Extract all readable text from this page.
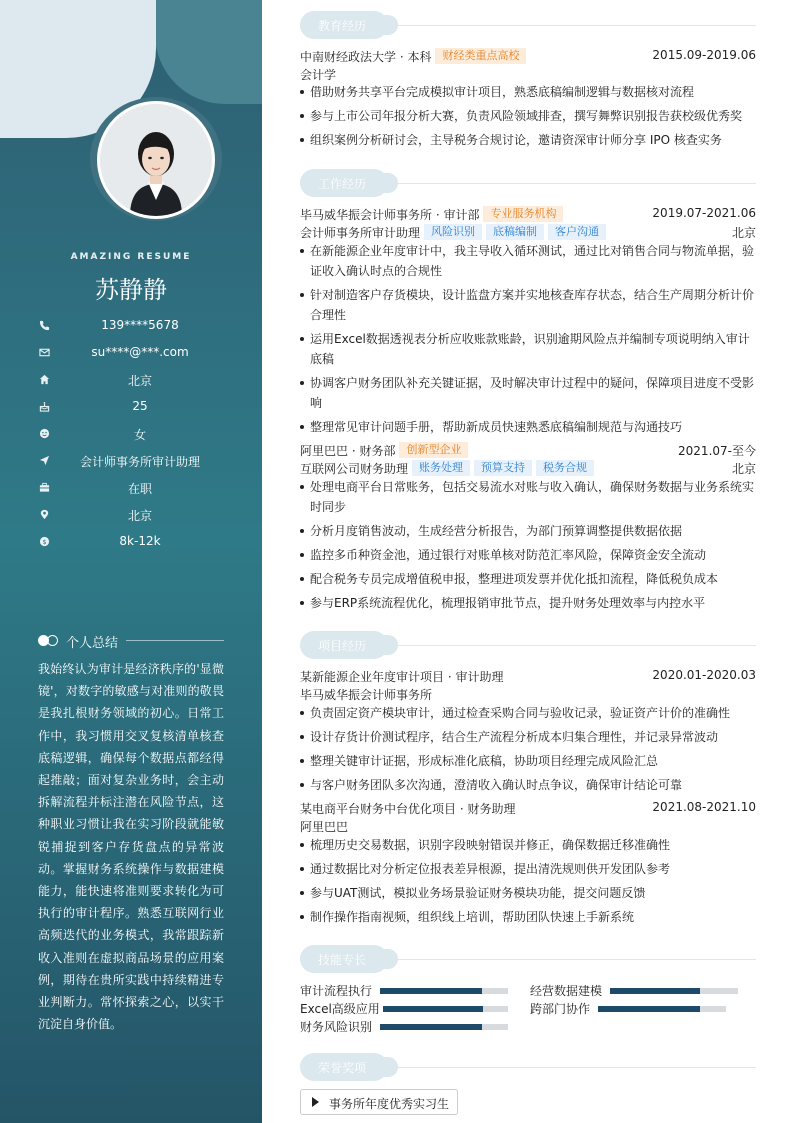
AMAZING RESUME
苏静静
139****5678
su****@***.com
北京
25
女
会计师事务所审计助理
在职
北京
$	8k-12k
个人总结
我始终认为审计是经济秩序的'显微镜'，对数字的敏感与对准则的敬畏是我扎根财务领域的初心。日常工作中，我习惯用交叉复核清单核查底稿逻辑，确保每个数据点都经得起推敲；面对复杂业务时，会主动拆解流程并标注潜在风险节点，这种职业习惯让我在实习阶段就能敏锐捕捉到客户存货盘点的异常波动。掌握财务系统操作与数据建模能力，能快速将准则要求转化为可执行的审计程序。熟悉互联网行业高频迭代的业务模式，我常跟踪新收入准则在虚拟商品场景的应用案例，期待在贵所实践中持续精进专业判断力。常怀探索之心，以实干沉淀自身价值。
教育经历
中南财经政法大学 · 本科 财经类重点高校	2015.09-2019.06
会计学
借助财务共享平台完成模拟审计项目，熟悉底稿编制逻辑与数据核对流程
参与上市公司年报分析大赛，负责风险领域排查，撰写舞弊识别报告获校级优秀奖
组织案例分析研讨会，主导税务合规讨论，邀请资深审计师分享 IPO 核查实务
工作经历
毕马威华振会计师事务所 · 审计部 专业服务机构	2019.07-2021.06
会计师事务所审计助理 风险识别 底稿编制 客户沟通	北京
在新能源企业年度审计中，我主导收入循环测试，通过比对销售合同与物流单据，验证收入确认时点的合规性
针对制造客户存货模块，设计监盘方案并实地核查库存状态，结合生产周期分析计价合理性
运用Excel数据透视表分析应收账款账龄，识别逾期风险点并编制专项说明纳入审计底稿
协调客户财务团队补充关键证据，及时解决审计过程中的疑问，保障项目进度不受影响
整理常见审计问题手册，帮助新成员快速熟悉底稿编制规范与沟通技巧
阿里巴巴 · 财务部 创新型企业	2021.07-至今
互联网公司财务助理 账务处理 预算支持 税务合规	北京
处理电商平台日常账务，包括交易流水对账与收入确认，确保财务数据与业务系统实时同步
分析月度销售波动，生成经营分析报告，为部门预算调整提供数据依据
监控多币种资金池，通过银行对账单核对防范汇率风险，保障资金安全流动
配合税务专员完成增值税申报，整理进项发票并优化抵扣流程，降低税负成本
参与ERP系统流程优化，梳理报销审批节点，提升财务处理效率与内控水平
项目经历
某新能源企业年度审计项目 · 审计助理	2020.01-2020.03
毕马威华振会计师事务所
负责固定资产模块审计，通过检查采购合同与验收记录，验证资产计价的准确性
设计存货计价测试程序，结合生产流程分析成本归集合理性，并记录异常波动
整理关键审计证据，形成标准化底稿，协助项目经理完成风险汇总
与客户财务团队多次沟通，澄清收入确认时点争议，确保审计结论可靠
某电商平台财务中台优化项目 · 财务助理	2021.08-2021.10
阿里巴巴
梳理历史交易数据，识别字段映射错误并修正，确保数据迁移准确性
通过数据比对分析定位报表差异根源，提出清洗规则供开发团队参考
参与UAT测试，模拟业务场景验证财务模块功能，提交问题反馈
制作操作指南视频，组织线上培训，帮助团队快速上手新系统
技能专长
审计流程执行	经营数据建模
Excel高级应用	跨部门协作
财务风险识别
荣誉奖项
事务所年度优秀实习生
